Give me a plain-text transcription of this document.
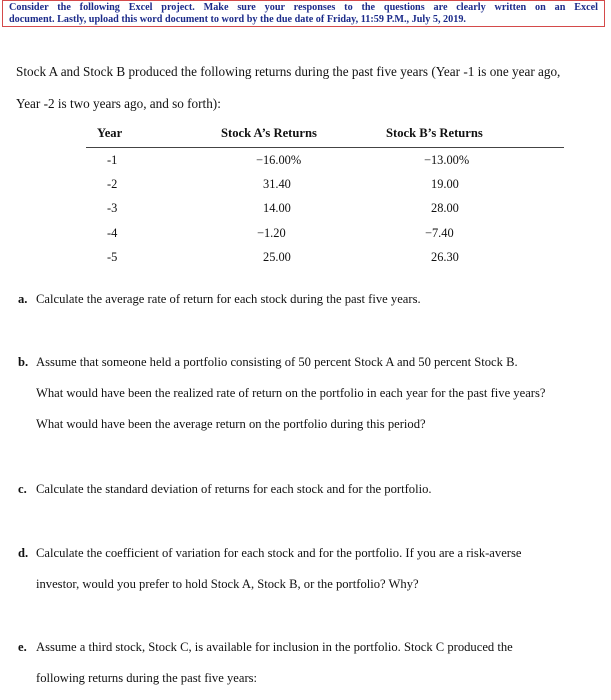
Consider the following Excel project. Make sure your responses to the questions are clearly written on an Excel
document. Lastly, upload this word document to word by the due date of Friday, 11:59 P.M., July 5, 2019.
Stock A and Stock B produced the following returns during the past five years (Year -1 is one year ago,
Year -2 is two years ago, and so forth):
Year	Stock A’s Returns	Stock B’s Returns
-1	−16.00%	−13.00%
-2	31.40	19.00
-3	14.00	28.00
-4	−1.20	−7.40
-5	25.00	26.30
a. Calculate the average rate of return for each stock during the past five years.
b. Assume that someone held a portfolio consisting of 50 percent Stock A and 50 percent Stock B.
What would have been the realized rate of return on the portfolio in each year for the past five years?
What would have been the average return on the portfolio during this period?
c. Calculate the standard deviation of returns for each stock and for the portfolio.
d. Calculate the coefficient of variation for each stock and for the portfolio. If you are a risk-averse
investor, would you prefer to hold Stock A, Stock B, or the portfolio? Why?
e. Assume a third stock, Stock C, is available for inclusion in the portfolio. Stock C produced the
following returns during the past five years:
